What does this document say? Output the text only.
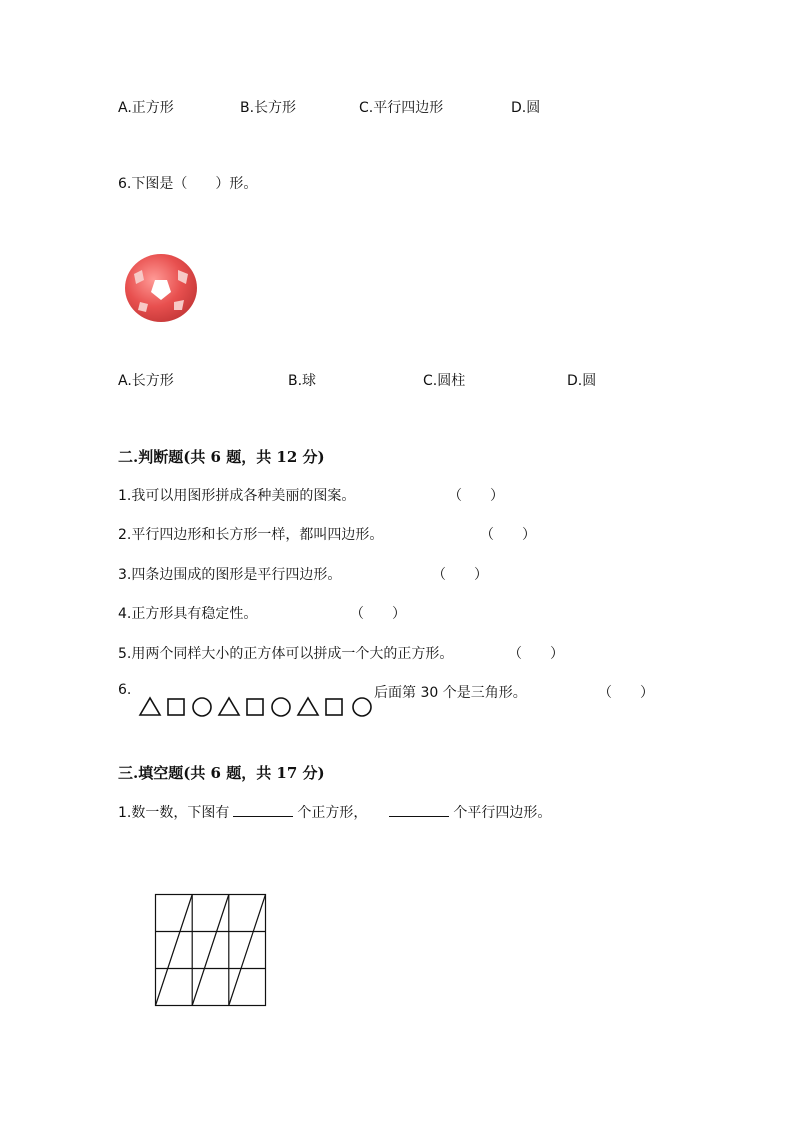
A.正方形	B.长方形	C.平行四边形	D.圆
6.下图是（　　）形。
A.长方形	B.球	C.圆柱	D.圆
二.判断题(共 6 题，共 12 分)
1.我可以用图形拼成各种美丽的图案。	（　　）
2.平行四边形和长方形一样，都叫四边形。	（　　）
3.四条边围成的图形是平行四边形。	（　　）
4.正方形具有稳定性。	（　　）
5.用两个同样大小的正方体可以拼成一个大的正方形。	（　　）
6.	后面第 30 个是三角形。	（　　）
三.填空题(共 6 题，共 17 分)
1.数一数，下图有	个正方形，	个平行四边形。
